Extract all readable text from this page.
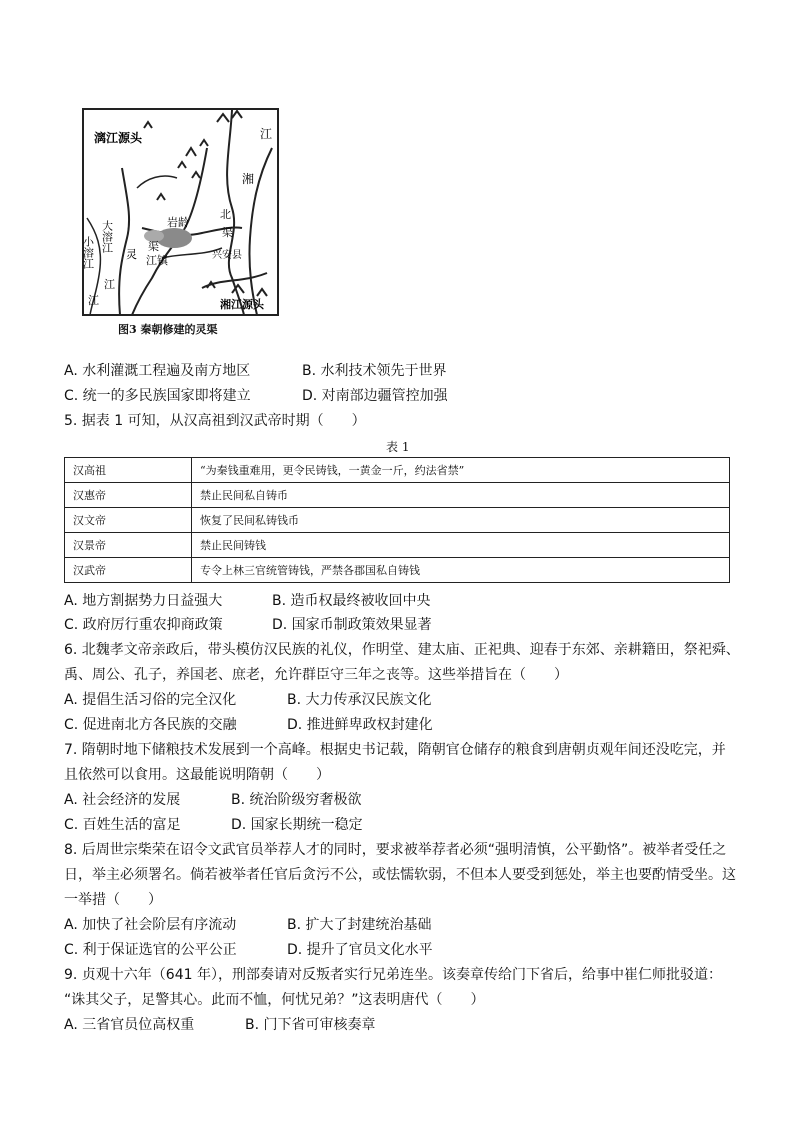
漓江源头	江
湘
岩龄
北
渠
兴安县
大溶江
小溶江	灵
渠
江镇
湘江源头
江
江
图3 秦朝修建的灵渠
A. 水利灌溉工程遍及南方地区	B. 水利技术领先于世界
C. 统一的多民族国家即将建立	D. 对南部边疆管控加强
5. 据表 1 可知，从汉高祖到汉武帝时期（　　）
表 1
汉高祖	“为秦钱重难用，更令民铸钱，一黄金一斤，约法省禁”
汉惠帝	禁止民间私自铸币
汉文帝	恢复了民间私铸钱币
汉景帝	禁止民间铸钱
汉武帝	专令上林三官统管铸钱，严禁各郡国私自铸钱
A. 地方割据势力日益强大	B. 造币权最终被收回中央
C. 政府厉行重农抑商政策	D. 国家币制政策效果显著
6. 北魏孝文帝亲政后，带头模仿汉民族的礼仪，作明堂、建太庙、正祀典、迎春于东郊、亲耕籍田，祭祀舜、
禹、周公、孔子，养国老、庶老，允许群臣守三年之丧等。这些举措旨在（　　）
A. 提倡生活习俗的完全汉化	B. 大力传承汉民族文化
C. 促进南北方各民族的交融	D. 推进鲜卑政权封建化
7. 隋朝时地下储粮技术发展到一个高峰。根据史书记载，隋朝官仓储存的粮食到唐朝贞观年间还没吃完，并
且依然可以食用。这最能说明隋朝（　　）
A. 社会经济的发展	B. 统治阶级穷奢极欲
C. 百姓生活的富足	D. 国家长期统一稳定
8. 后周世宗柴荣在诏令文武官员举荐人才的同时，要求被举荐者必须“强明清慎，公平勤恪”。被举者受任之
日，举主必须署名。倘若被举者任官后贪污不公，或怯懦软弱，不但本人要受到惩处，举主也要酌情受坐。这
一举措（　　）
A. 加快了社会阶层有序流动	B. 扩大了封建统治基础
C. 利于保证选官的公平公正	D. 提升了官员文化水平
9. 贞观十六年（641 年），刑部奏请对反叛者实行兄弟连坐。该奏章传给门下省后，给事中崔仁师批驳道：
“诛其父子，足警其心。此而不恤，何忧兄弟？”这表明唐代（　　）
A. 三省官员位高权重	B. 门下省可审核奏章
